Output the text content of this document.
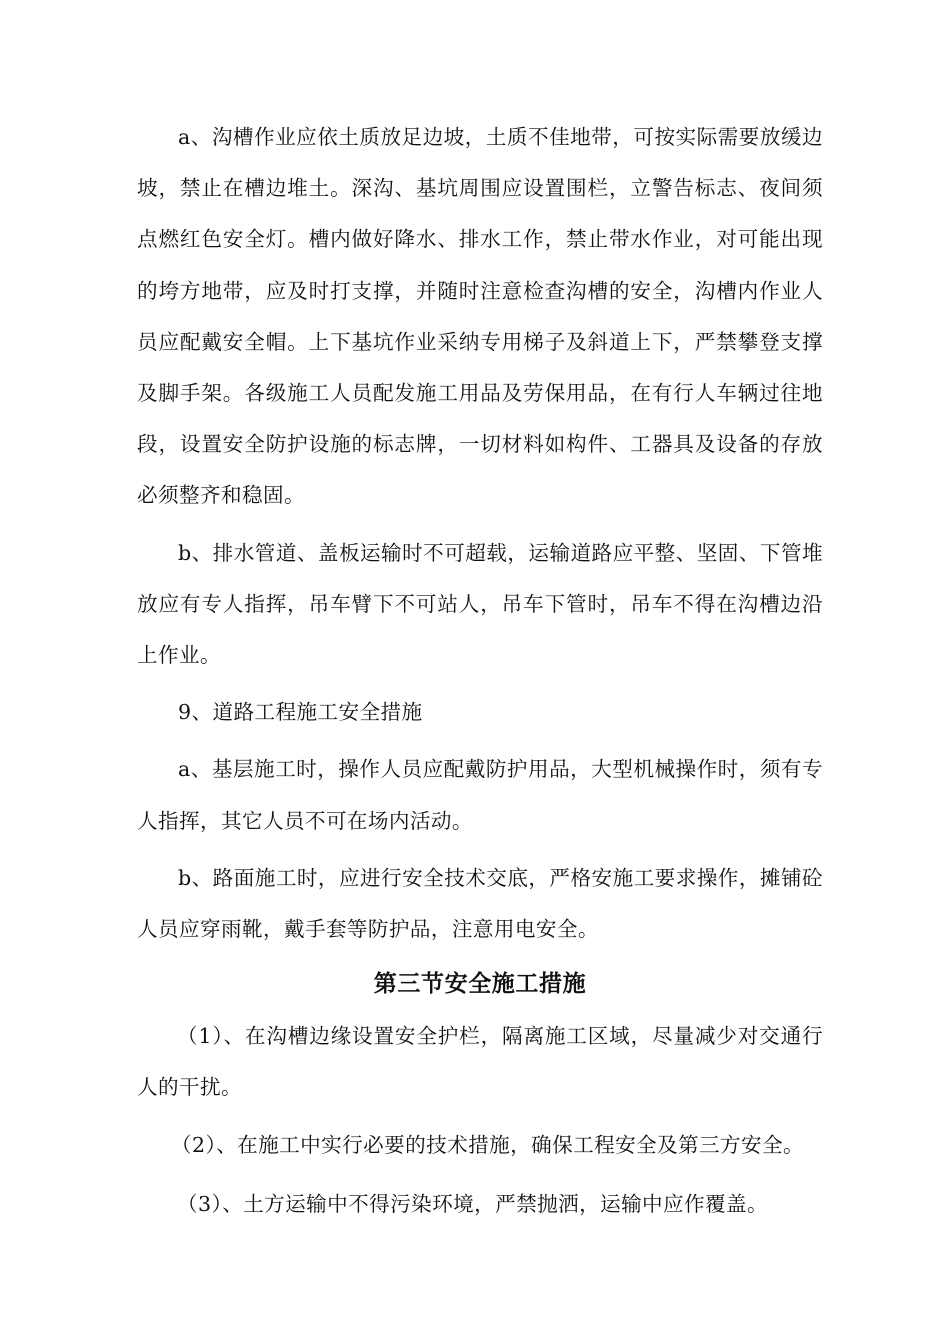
a、沟槽作业应依土质放足边坡，土质不佳地带，可按实际需要放缓边坡，禁止在槽边堆土。深沟、基坑周围应设置围栏，立警告标志、夜间须点燃红色安全灯。槽内做好降水、排水工作，禁止带水作业，对可能出现的垮方地带，应及时打支撑，并随时注意检查沟槽的安全，沟槽内作业人员应配戴安全帽。上下基坑作业采纳专用梯子及斜道上下，严禁攀登支撑及脚手架。各级施工人员配发施工用品及劳保用品，在有行人车辆过往地段，设置安全防护设施的标志牌，一切材料如构件、工器具及设备的存放必须整齐和稳固。

b、排水管道、盖板运输时不可超载，运输道路应平整、坚固、下管堆放应有专人指挥，吊车臂下不可站人，吊车下管时，吊车不得在沟槽边沿上作业。

9、道路工程施工安全措施

a、基层施工时，操作人员应配戴防护用品，大型机械操作时，须有专人指挥，其它人员不可在场内活动。

b、路面施工时，应进行安全技术交底，严格安施工要求操作，摊铺砼人员应穿雨靴，戴手套等防护品，注意用电安全。

第三节安全施工措施

（1）、在沟槽边缘设置安全护栏，隔离施工区域，尽量减少对交通行人的干扰。

（2）、在施工中实行必要的技术措施，确保工程安全及第三方安全。

（3）、土方运输中不得污染环境，严禁抛洒，运输中应作覆盖。
